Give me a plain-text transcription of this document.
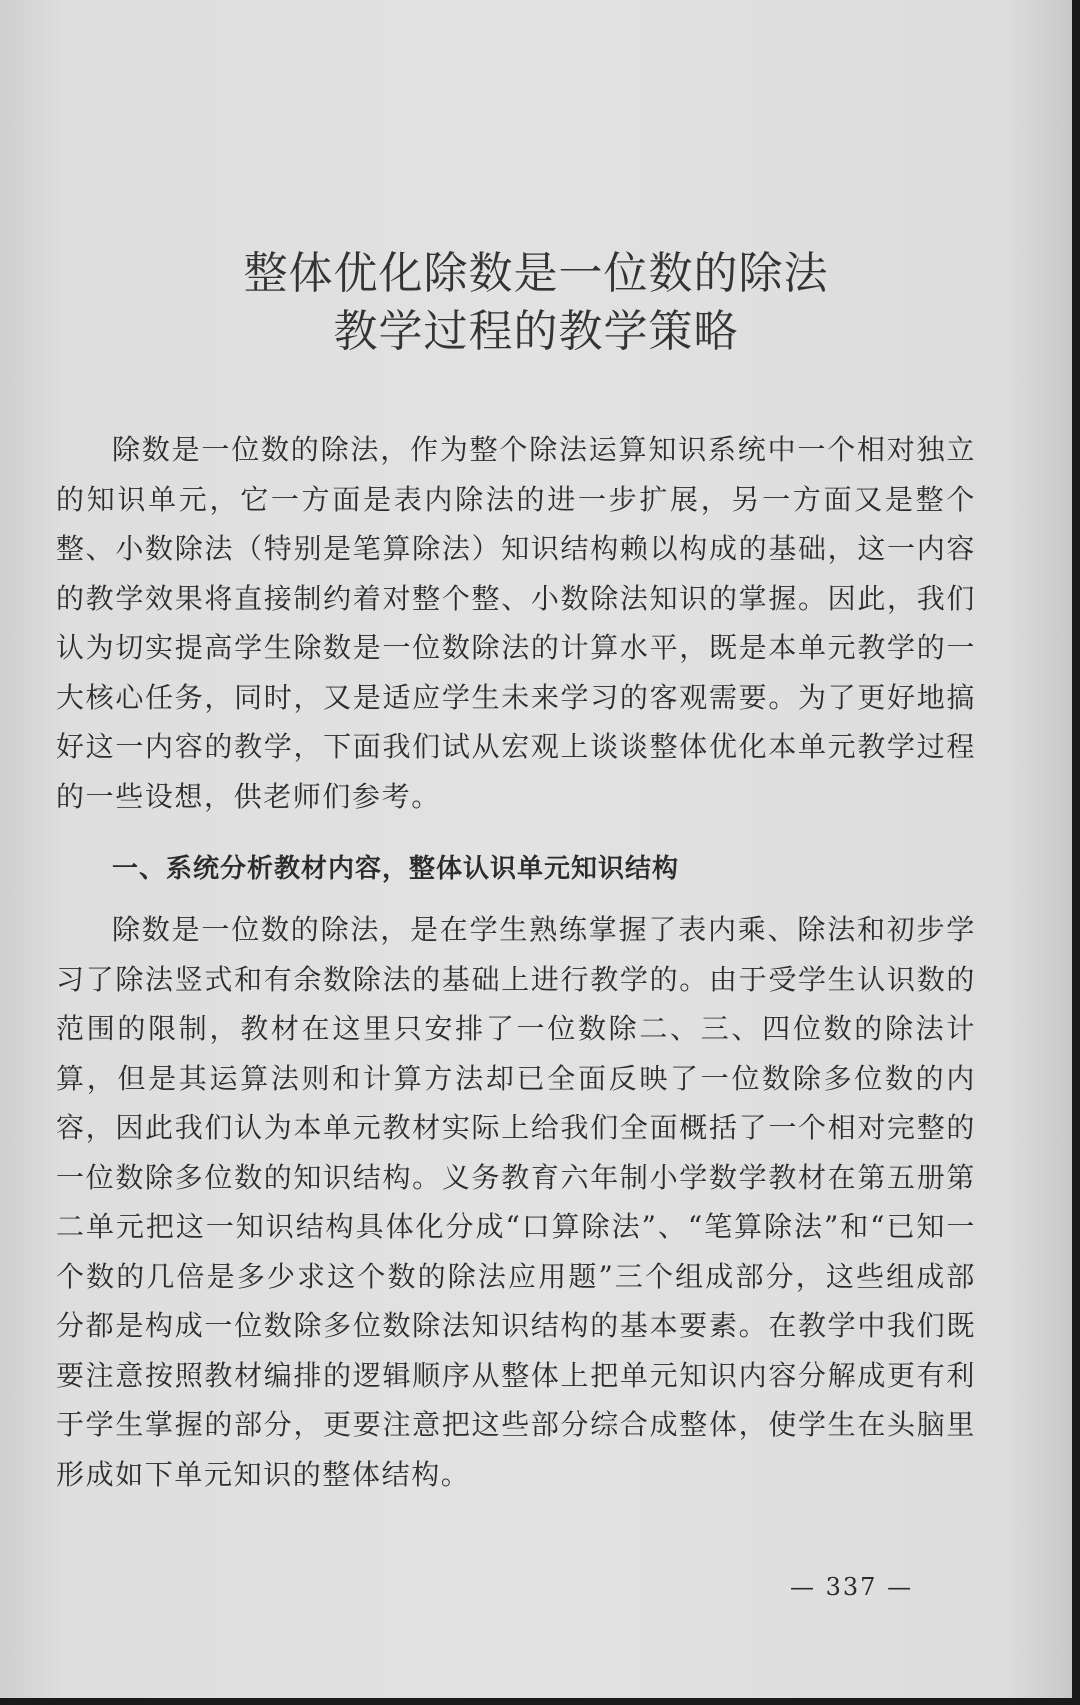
整体优化除数是一位数的除法
教学过程的教学策略

除数是一位数的除法，作为整个除法运算知识系统中一个相对独立的知识单元，它一方面是表内除法的进一步扩展，另一方面又是整个整、小数除法（特别是笔算除法）知识结构赖以构成的基础，这一内容的教学效果将直接制约着对整个整、小数除法知识的掌握。因此，我们认为切实提高学生除数是一位数除法的计算水平，既是本单元教学的一大核心任务，同时，又是适应学生未来学习的客观需要。为了更好地搞好这一内容的教学，下面我们试从宏观上谈谈整体优化本单元教学过程的一些设想，供老师们参考。

一、系统分析教材内容，整体认识单元知识结构

除数是一位数的除法，是在学生熟练掌握了表内乘、除法和初步学习了除法竖式和有余数除法的基础上进行教学的。由于受学生认识数的范围的限制，教材在这里只安排了一位数除二、三、四位数的除法计算，但是其运算法则和计算方法却已全面反映了一位数除多位数的内容，因此我们认为本单元教材实际上给我们全面概括了一个相对完整的一位数除多位数的知识结构。义务教育六年制小学数学教材在第五册第二单元把这一知识结构具体化分成“口算除法”、“笔算除法”和“已知一个数的几倍是多少求这个数的除法应用题”三个组成部分，这些组成部分都是构成一位数除多位数除法知识结构的基本要素。在教学中我们既要注意按照教材编排的逻辑顺序从整体上把单元知识内容分解成更有利于学生掌握的部分，更要注意把这些部分综合成整体，使学生在头脑里形成如下单元知识的整体结构。

— 337 —
